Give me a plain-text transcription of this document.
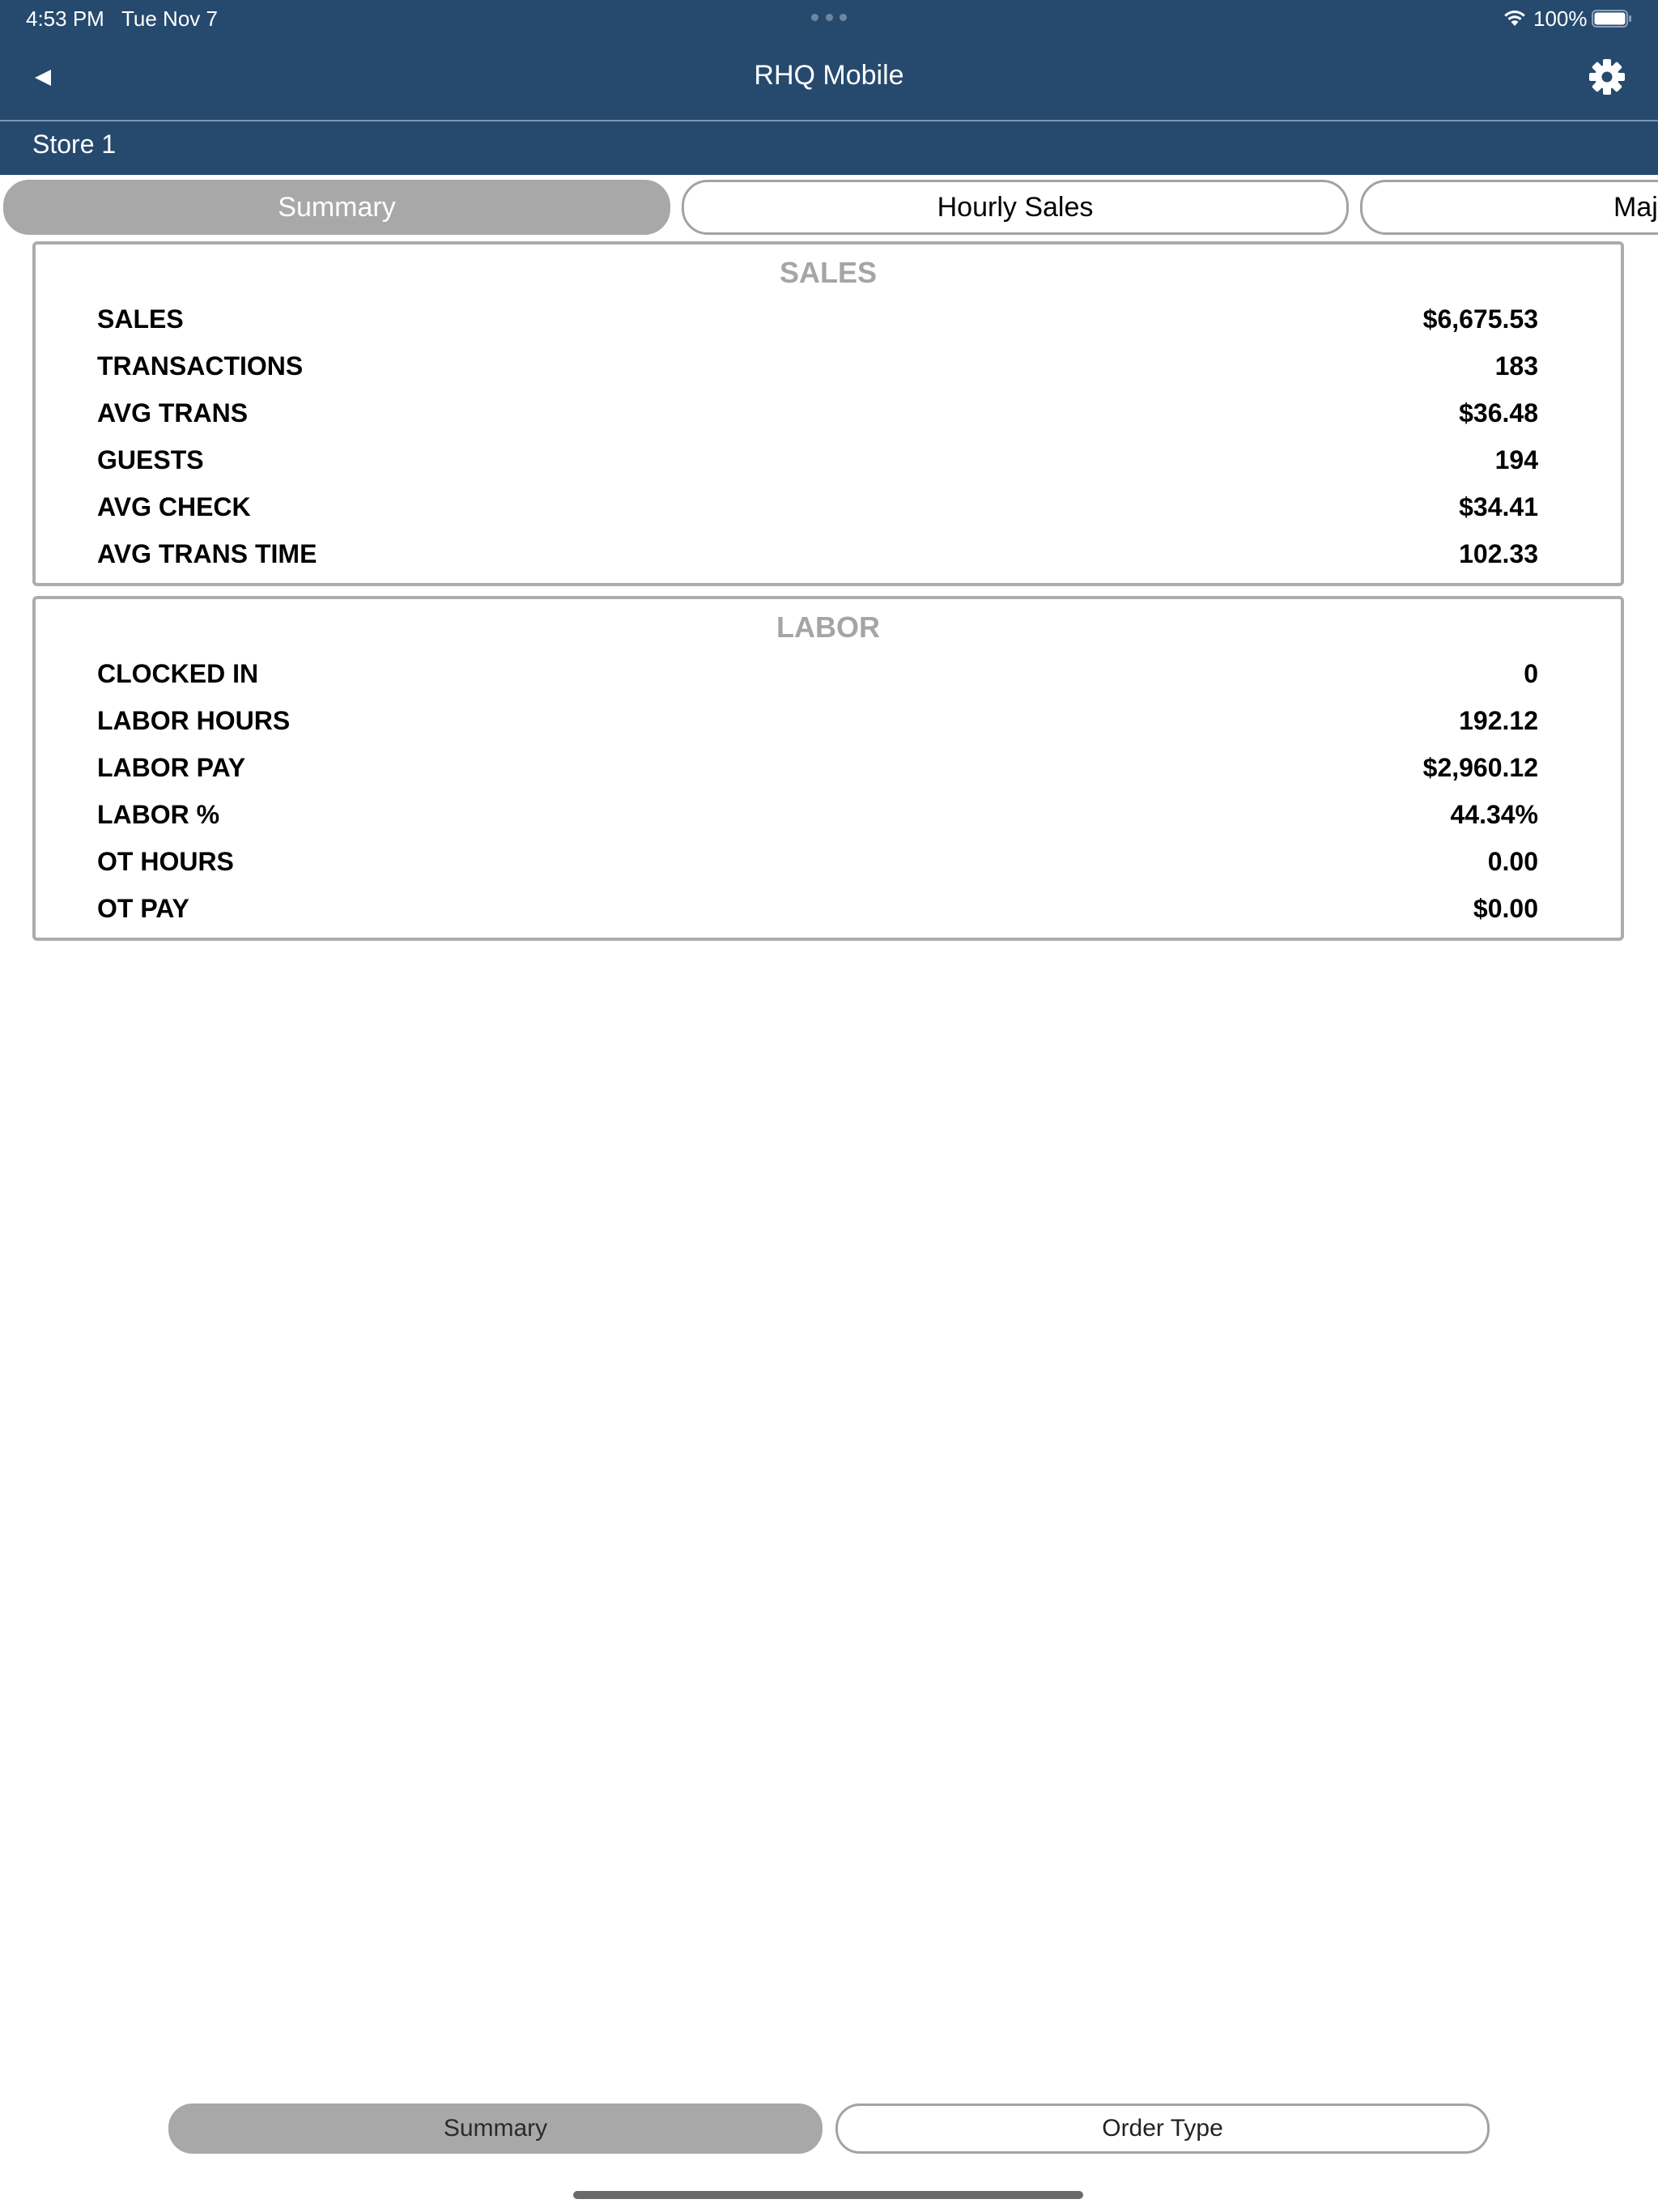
4:53 PM Tue Nov 7	100%
RHQ Mobile
Store 1
Summary	Hourly Sales	Maj
SALES
SALES	$6,675.53
TRANSACTIONS	183
AVG TRANS	$36.48
GUESTS	194
AVG CHECK	$34.41
AVG TRANS TIME	102.33
LABOR
CLOCKED IN	0
LABOR HOURS	192.12
LABOR PAY	$2,960.12
LABOR %	44.34%
OT HOURS	0.00
OT PAY	$0.00
Summary	Order Type
